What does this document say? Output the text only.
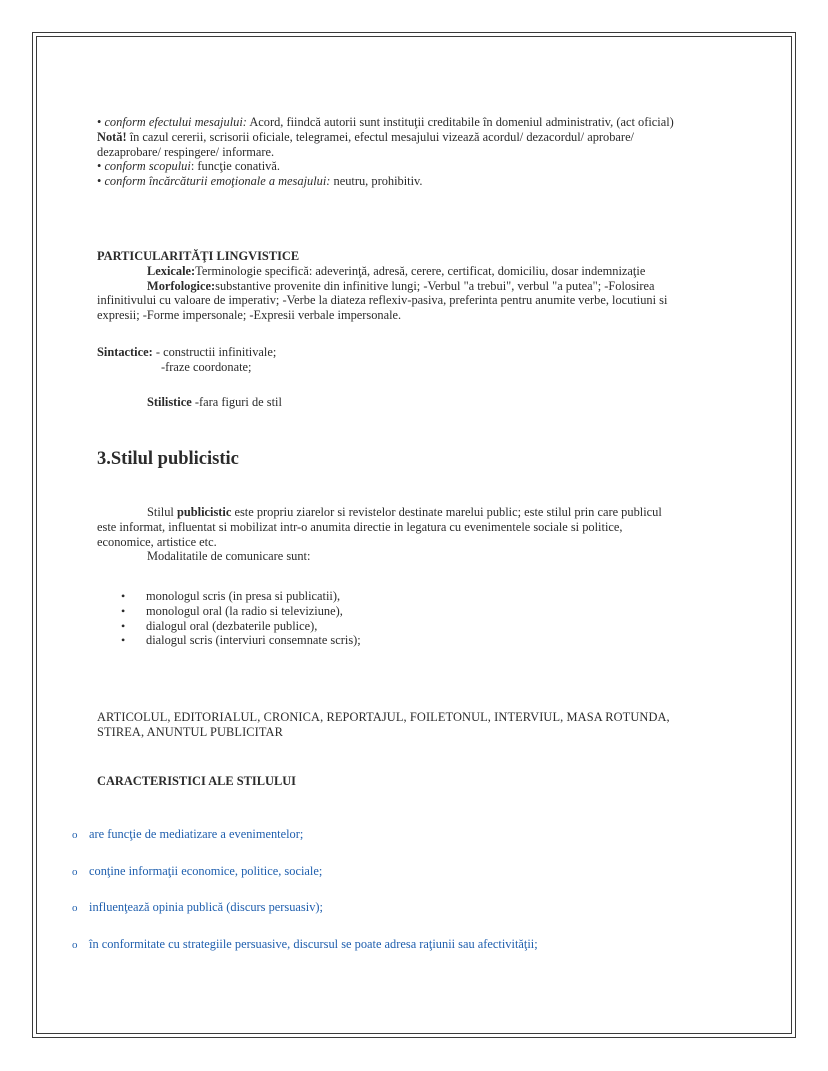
• conform efectului mesajului: Acord, fiindcă autorii sunt instituţii creditabile în domeniul administrativ, (act oficial)
Notă! în cazul cererii, scrisorii oficiale, telegramei, efectul mesajului vizează acordul/ dezacordul/ aprobare/
dezaprobare/ respingere/ informare.
• conform scopului: funcţie conativă.
• conform încărcăturii emoţionale a mesajului: neutru, prohibitiv.
PARTICULARITĂŢI LINGVISTICE
Lexicale:Terminologie specifică: adeverinţă, adresă, cerere, certificat, domiciliu, dosar indemnizaţie
Morfologice:substantive provenite din infinitive lungi; -Verbul "a trebui", verbul "a putea"; -Folosirea
infinitivului cu valoare de imperativ; -Verbe la diateza reflexiv-pasiva, preferinta pentru anumite verbe, locutiuni si
expresii; -Forme impersonale; -Expresii verbale impersonale.
Sintactice: - constructii infinitivale;
-fraze coordonate;
Stilistice -fara figuri de stil
3.Stilul publicistic
Stilul publicistic este propriu ziarelor si revistelor destinate marelui public; este stilul prin care publicul
este informat, influentat si mobilizat intr-o anumita directie in legatura cu evenimentele sociale si politice,
economice, artistice etc.
Modalitatile de comunicare sunt:
• monologul scris (in presa si publicatii),
• monologul oral (la radio si televiziune),
• dialogul oral (dezbaterile publice),
• dialogul scris (interviuri consemnate scris);
ARTICOLUL, EDITORIALUL, CRONICA, REPORTAJUL, FOILETONUL, INTERVIUL, MASA ROTUNDA,
STIREA, ANUNTUL PUBLICITAR
CARACTERISTICI ALE STILULUI
o are funcţie de mediatizare a evenimentelor;
o conţine informaţii economice, politice, sociale;
o influenţează opinia publică (discurs persuasiv);
o în conformitate cu strategiile persuasive, discursul se poate adresa raţiunii sau afectivităţii;
